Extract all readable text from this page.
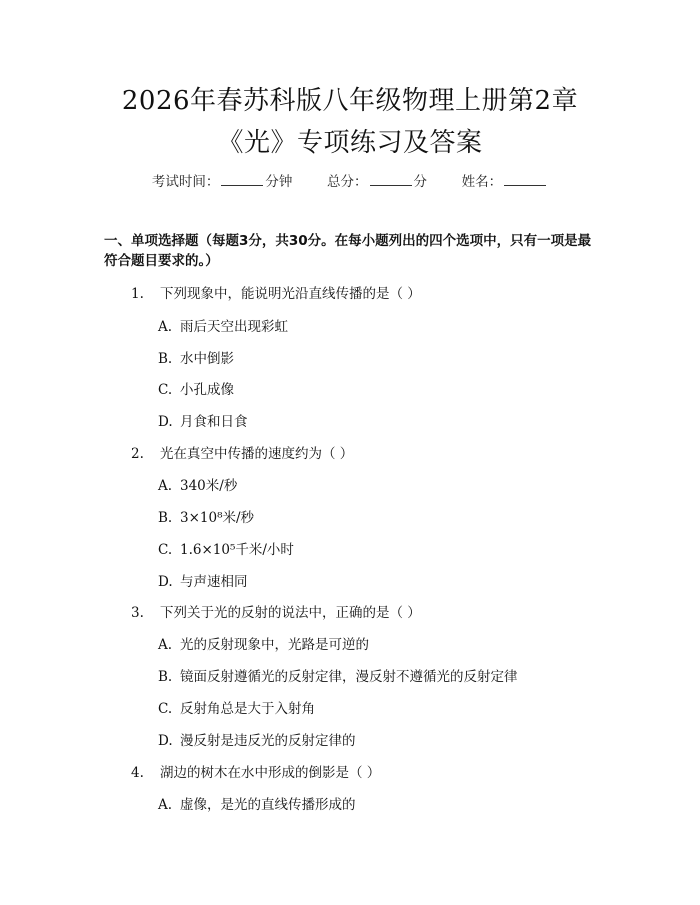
2026年春苏科版八年级物理上册第2章
《光》专项练习及答案
考试时间：	分钟	总分：	分	姓名：
一、单项选择题（每题3分，共30分。在每小题列出的四个选项中，只有一项是最符合题目要求的。）
1. 下列现象中，能说明光沿直线传播的是（ ）
A. 雨后天空出现彩虹
B. 水中倒影
C. 小孔成像
D. 月食和日食
2. 光在真空中传播的速度约为（ ）
A. 340米/秒
B. 3×10⁸米/秒
C. 1.6×10⁵千米/小时
D. 与声速相同
3. 下列关于光的反射的说法中，正确的是（ ）
A. 光的反射现象中，光路是可逆的
B. 镜面反射遵循光的反射定律，漫反射不遵循光的反射定律
C. 反射角总是大于入射角
D. 漫反射是违反光的反射定律的
4. 湖边的树木在水中形成的倒影是（ ）
A. 虚像，是光的直线传播形成的
